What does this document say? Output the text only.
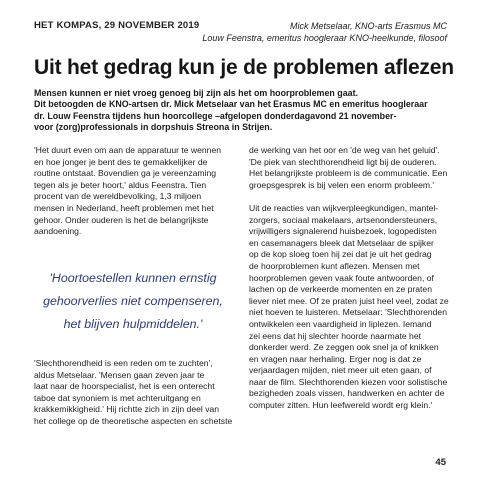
HET KOMPAS, 29 NOVEMBER 2019	Mick Metselaar, KNO-arts Erasmus MC
Louw Feenstra, emeritus hoogleraar KNO-heelkunde, filosoof
Uit het gedrag kun je de problemen aflezen
Mensen kunnen er niet vroeg genoeg bij zijn als het om hoorproblemen gaat.
Dit betoogden de KNO-artsen dr. Mick Metselaar van het Erasmus MC en emeritus hoogleraar
dr. Louw Feenstra tijdens hun hoorcollege –afgelopen donderdagavond 21 november-
voor (zorg)professionals in dorpshuis Streona in Strijen.
'Het duurt even om aan de apparatuur te wennen
en hoe jonger je bent des te gemakkelijker de
routine ontstaat. Bovendien ga je vereenzaming
tegen als je beter hoort,' aldus Feenstra. Tien
procent van de wereldbevolking, 1,3 miljoen
mensen in Nederland, heeft problemen met het
gehoor. Onder ouderen is het de belangrijkste
aandoening.
'Hoortoestellen kunnen ernstig
gehoorverlies niet compenseren,
het blijven hulpmiddelen.'
'Slechthorendheid is een reden om te zuchten',
aldus Metselaar. 'Mensen gaan zeven jaar te
laat naar de hoorspecialist, het is een onterecht
taboe dat synoniem is met achteruitgang en
krakkemikkigheid.' Hij richtte zich in zijn deel van
het college op de theoretische aspecten en schetste
de werking van het oor en 'de weg van het geluid'.
'De piek van slechthorendheid ligt bij de ouderen.
Het belangrijkste probleem is de communicatie. Een
groepsgesprek is bij velen een enorm probleem.'
Uit de reacties van wijkverpleegkundigen, mantel-
zorgers, sociaal makelaars, artsenondersteuners,
vrijwilligers signalerend huisbezoek, logopedisten
en casemanagers bleek dat Metselaar de spijker
op de kop sloeg toen hij zei dat je uit het gedrag
de hoorproblemen kunt aflezen. Mensen met
hoorproblemen geven vaak foute antwoorden, of
lachen op de verkeerde momenten en ze praten
liever niet mee. Of ze praten juist heel veel, zodat ze
niet hoeven te luisteren. Metselaar: 'Slechthorenden
ontwikkelen een vaardigheid in liplezen. Iemand
zei eens dat hij slechter hoorde naarmate het
donkerder werd. Ze zeggen ook snel ja of knikken
en vragen naar herhaling. Erger nog is dat ze
verjaardagen mijden, niet meer uit eten gaan, of
naar de film. Slechthorenden kiezen voor solistische
bezigheden zoals vissen, handwerken en achter de
computer zitten. Hun leefwereld wordt erg klein.'
45
